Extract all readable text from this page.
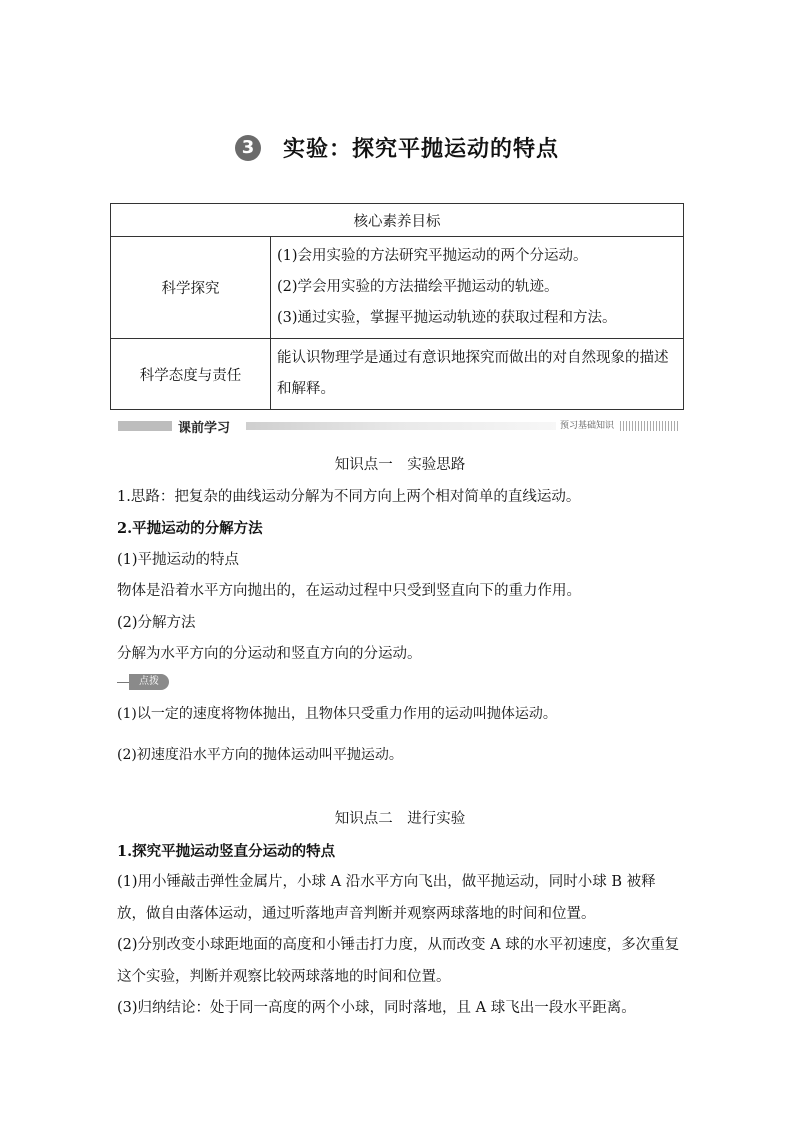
3	实验：探究平抛运动的特点
核心素养目标	
科学探究	(1)会用实验的方法研究平抛运动的两个分运动。

(2)学会用实验的方法描绘平抛运动的轨迹。

(3)通过实验，掌握平抛运动轨迹的获取过程和方法。

科学态度与责任	能认识物理学是通过有意识地探究而做出的对自然现象的描述和解释。

课前学习	预习基础知识

知识点一　实验思路

1.思路：把复杂的曲线运动分解为不同方向上两个相对简单的直线运动。

2.平抛运动的分解方法

(1)平抛运动的特点

物体是沿着水平方向抛出的，在运动过程中只受到竖直向下的重力作用。

(2)分解方法

分解为水平方向的分运动和竖直方向的分运动。

点拨

(1)以一定的速度将物体抛出，且物体只受重力作用的运动叫抛体运动。

(2)初速度沿水平方向的抛体运动叫平抛运动。

知识点二　进行实验

1.探究平抛运动竖直分运动的特点

(1)用小锤敲击弹性金属片，小球 A 沿水平方向飞出，做平抛运动，同时小球 B 被释放，做自由落体运动，通过听落地声音判断并观察两球落地的时间和位置。

(2)分别改变小球距地面的高度和小锤击打力度，从而改变 A 球的水平初速度，多次重复这个实验，判断并观察比较两球落地的时间和位置。

(3)归纳结论：处于同一高度的两个小球，同时落地，且 A 球飞出一段水平距离。
